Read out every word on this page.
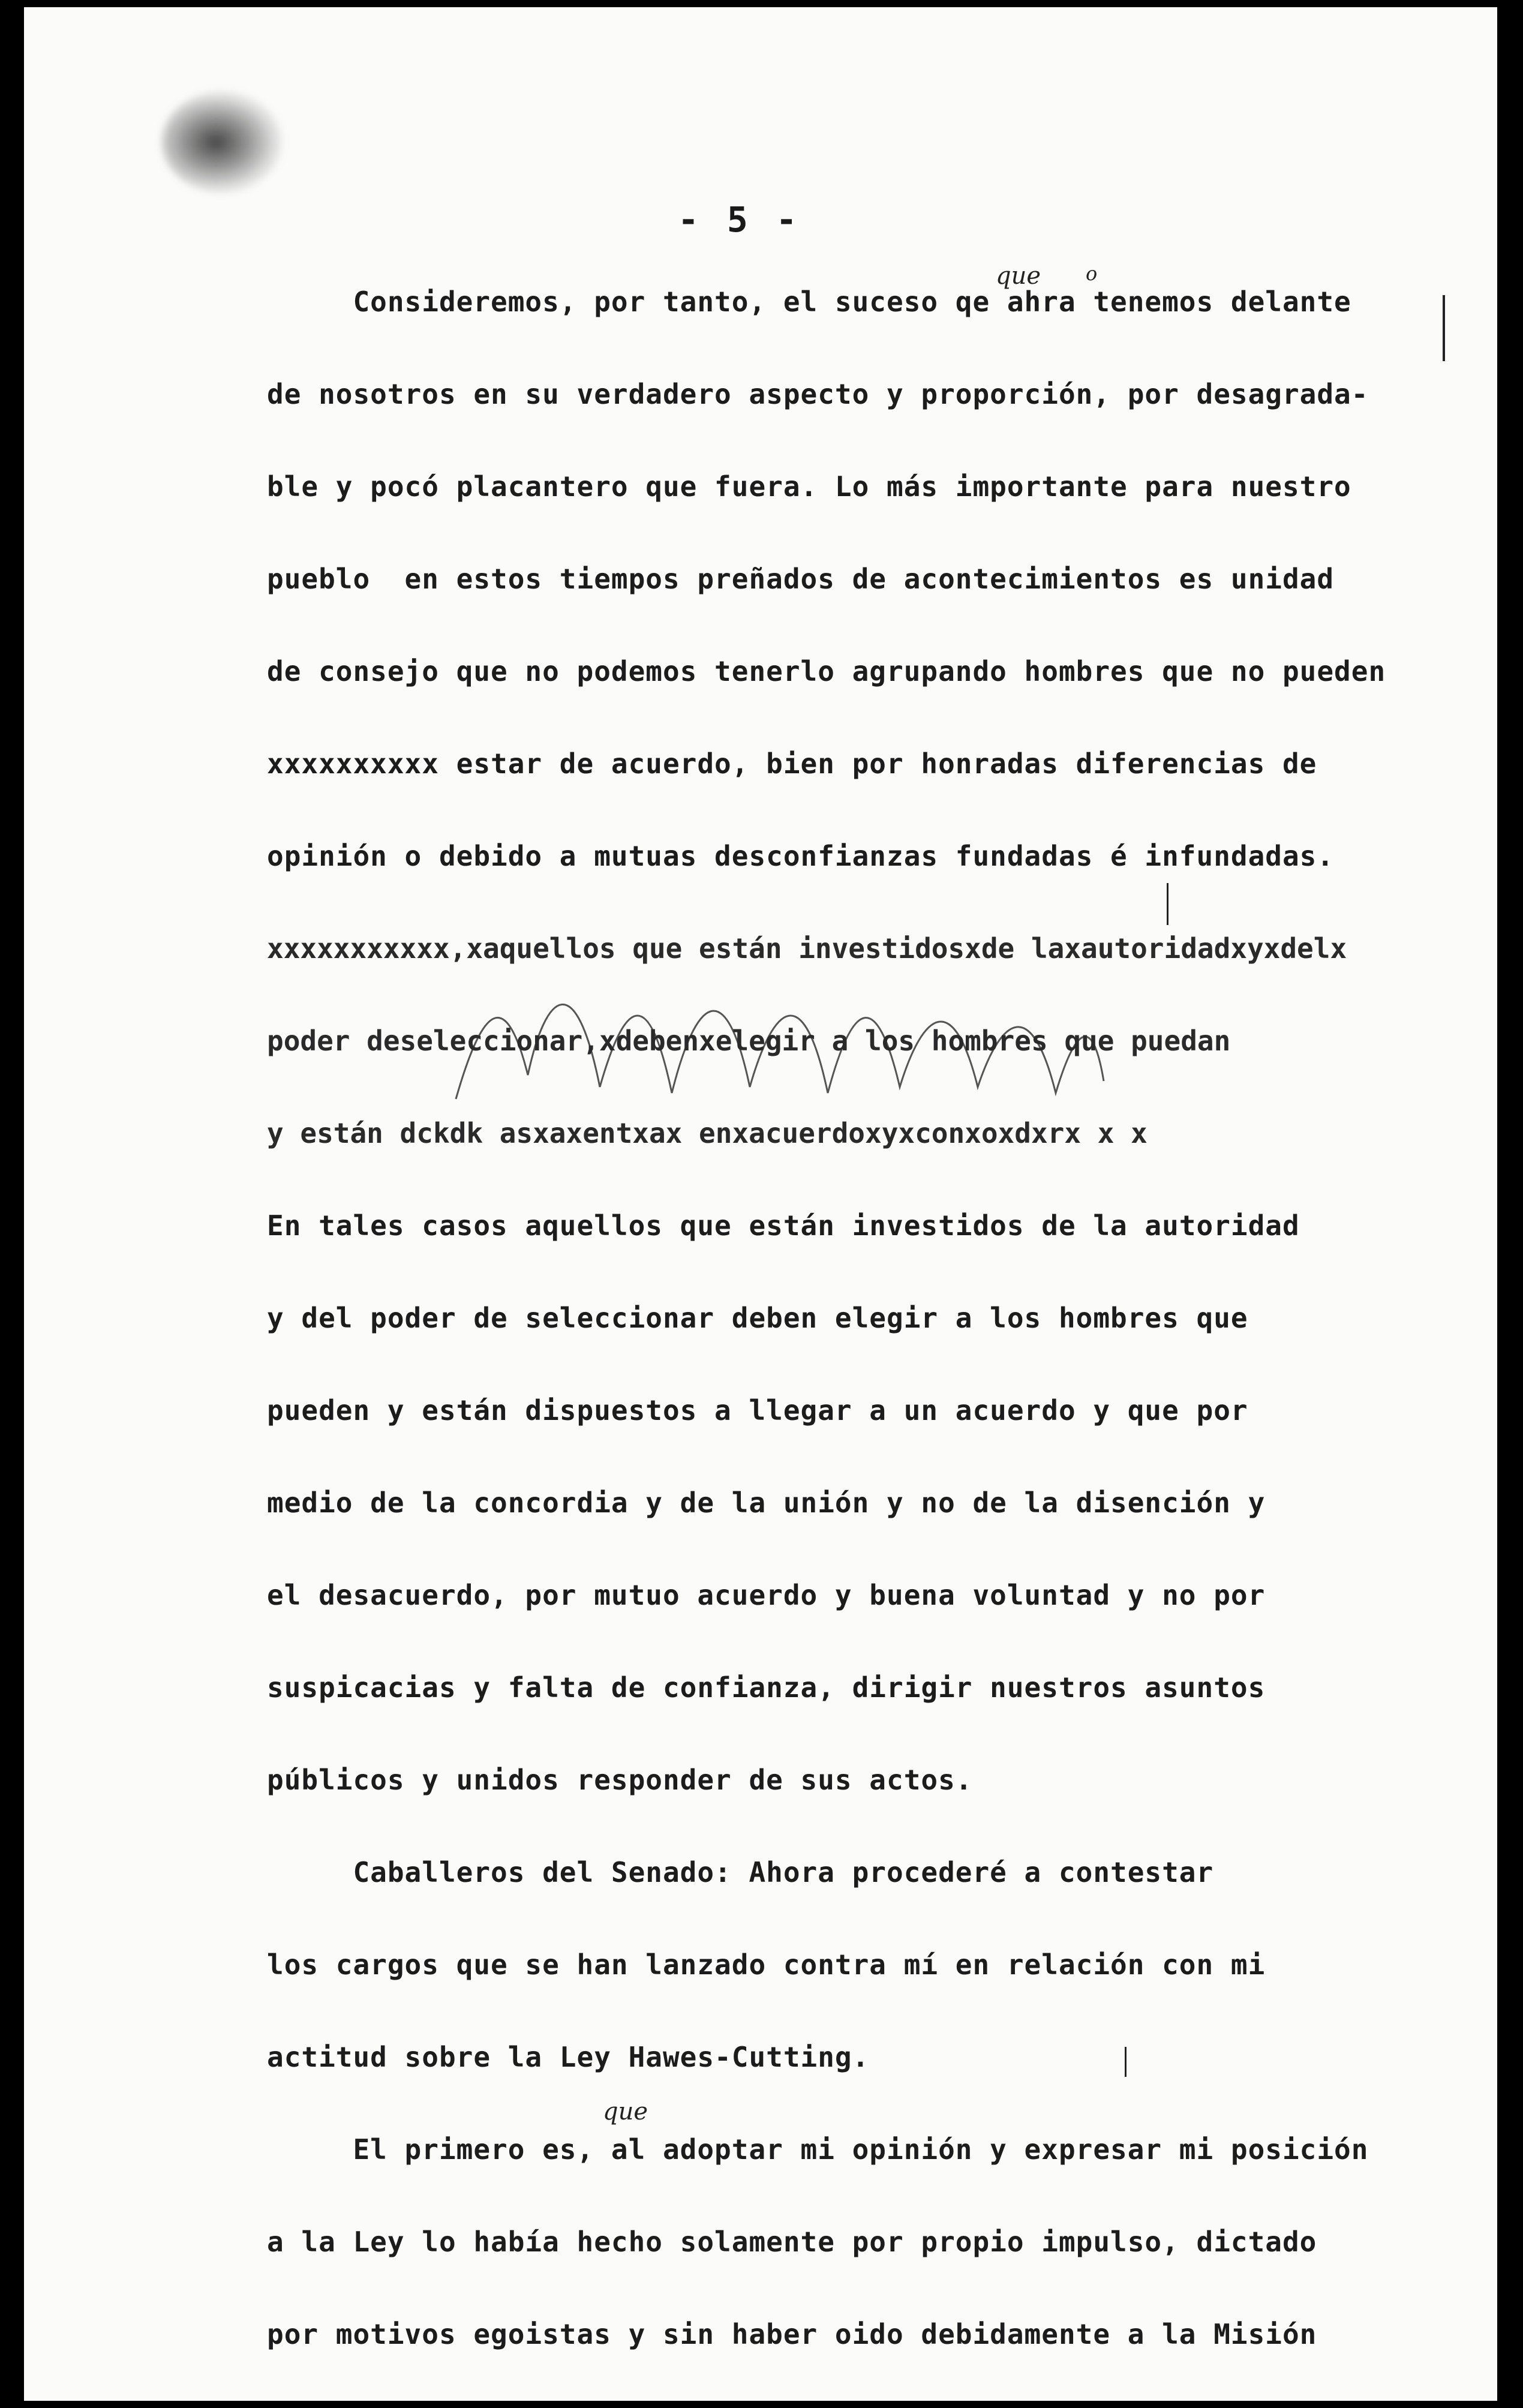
- 5 -
que o
que
Consideremos, por tanto, el suceso qe ahra tenemos delante
de nosotros en su verdadero aspecto y proporción, por desagrada-
ble y pocó placantero que fuera. Lo más importante para nuestro
pueblo  en estos tiempos preñados de acontecimientos es unidad
de consejo que no podemos tenerlo agrupando hombres que no pueden
xxxxxxxxxx estar de acuerdo, bien por honradas diferencias de
opinión o debido a mutuas desconfianzas fundadas é infundadas.
xxxxxxxxxxx,xaquellos que están investidosxde laxautoridadxyxdelx
poder deseleccionar,xdebenxelegir a los hombres que puedan
y están dckdk asxaxentxax enxacuerdoxyxconxoxdxrx x x
En tales casos aquellos que están investidos de la autoridad
y del poder de seleccionar deben elegir a los hombres que
pueden y están dispuestos a llegar a un acuerdo y que por
medio de la concordia y de la unión y no de la disención y
el desacuerdo, por mutuo acuerdo y buena voluntad y no por
suspicacias y falta de confianza, dirigir nuestros asuntos
públicos y unidos responder de sus actos.
Caballeros del Senado: Ahora procederé a contestar
los cargos que se han lanzado contra mí en relación con mi
actitud sobre la Ley Hawes-Cutting.
El primero es, al adoptar mi opinión y expresar mi posición
a la Ley lo había hecho solamente por propio impulso, dictado
por motivos egoistas y sin haber oido debidamente a la Misión
